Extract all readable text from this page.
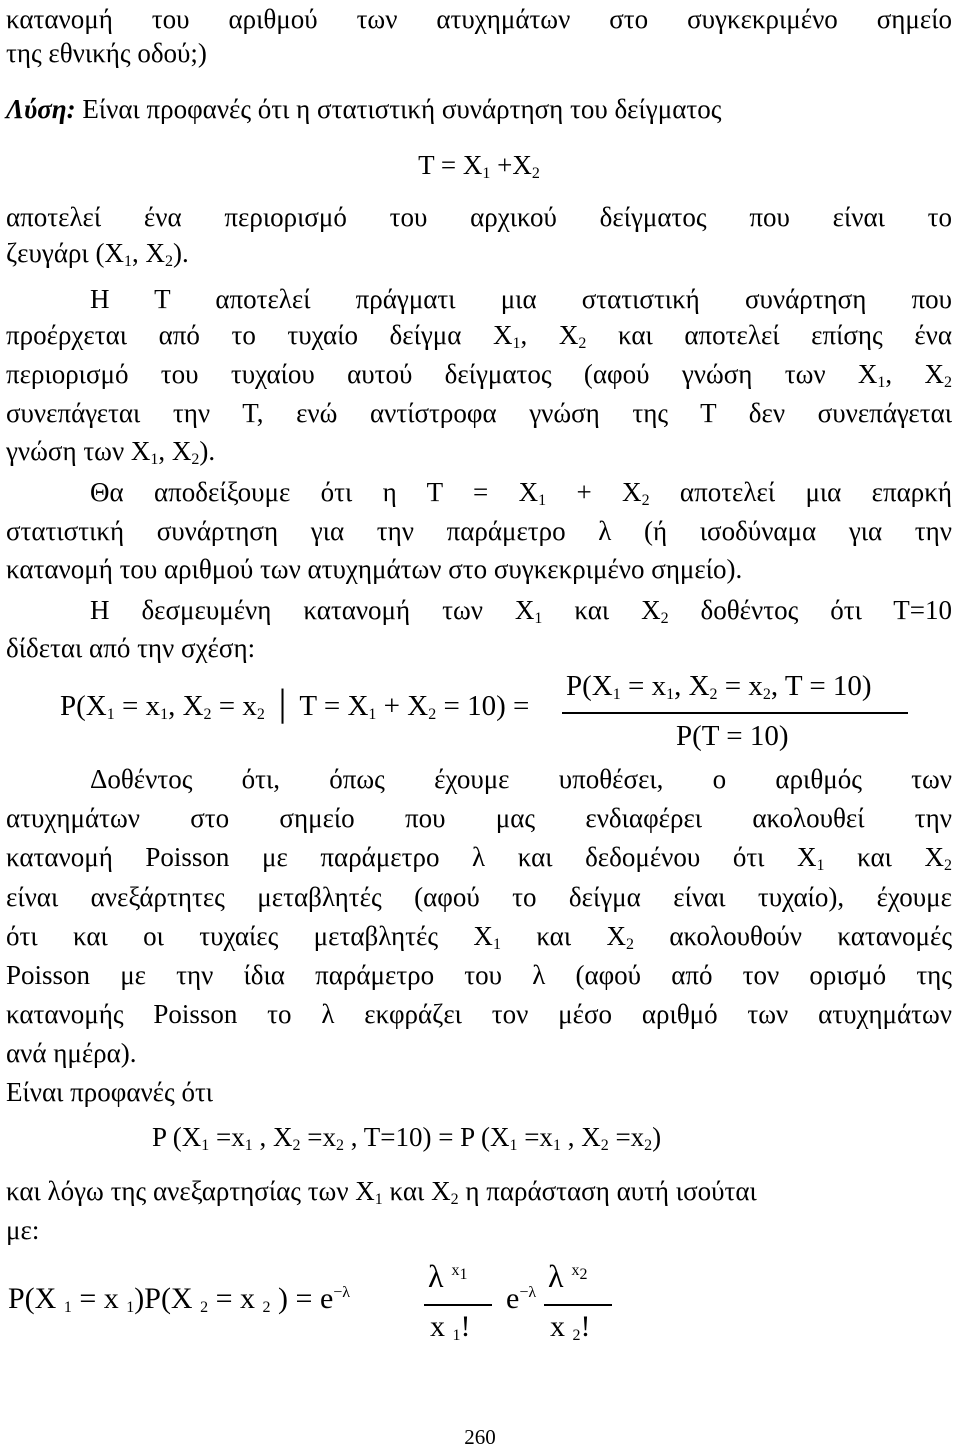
κατανομή του αριθμού των ατυχημάτων στο συγκεκριμένο σημείο
της εθνικής οδού;)
Λύση: Είναι προφανές ότι η στατιστική συνάρτηση του δείγματος
$T = X_1 +X_2$
αποτελεί ένα περιορισμό του αρχικού δείγματος που είναι το
ζευγάρι ($X_1$, $X_2$).
Η Τ αποτελεί πράγματι μια στατιστική συνάρτηση που
προέρχεται από το τυχαίο δείγμα $X_1$, $X_2$ και αποτελεί επίσης ένα
περιορισμό του τυχαίου αυτού δείγματος (αφού γνώση των $X_1$, $X_2$
συνεπάγεται την Τ, ενώ αντίστροφα γνώση της Τ δεν συνεπάγεται
γνώση των $X_1$, $X_2$).
Θα αποδείξουμε ότι η $T = X_1 + X_2$ αποτελεί μια επαρκή
στατιστική συνάρτηση για την παράμετρο λ (ή ισοδύναμα για την
κατανομή του αριθμού των ατυχημάτων στο συγκεκριμένο σημείο).
Η δεσμευμένη κατανομή των $X_1$ και $X_2$ δοθέντος ότι Τ=10
δίδεται από την σχέση:
$P(X_1 = x_1$, $X_2 = x_2$ │ $T = X_1 + X_2 = 10$) =
$P(X_1 = x_1$, $X_2 = x_2$, T = 10)
P(T = 10)
Δοθέντος ότι, όπως έχουμε υποθέσει, ο αριθμός των
ατυχημάτων στο σημείο που μας ενδιαφέρει ακολουθεί την
κατανομή Poisson με παράμετρο λ και δεδομένου ότι $X_1$ και $X_2$
είναι ανεξάρτητες μεταβλητές (αφού το δείγμα είναι τυχαίο), έχουμε
ότι και οι τυχαίες μεταβλητές $X_1$ και $X_2$ ακολουθούν κατανομές
Poisson με την ίδια παράμετρο του λ (αφού από τον ορισμό της
κατανομής Poisson το λ εκφράζει τον μέσο αριθμό των ατυχημάτων
ανά ημέρα).
Είναι προφανές ότι
P ($X_1 =x_1$ , $X_2 =x_2$ , T=10) = P ($X_1 =x_1$ , $X_2 =x_2$)
και λόγω της ανεξαρτησίας των $X_1$ και $X_2$ η παράσταση αυτή ισούται
με:
P(X $_1$ = x $_1$)P(X $_2$ = x $_2$ ) = $e^{-\lambda}$ λ $^{x_1}$
x $_1$!
$e^{-\lambda}$ λ $^{x_2}$
x $_2$!
260
